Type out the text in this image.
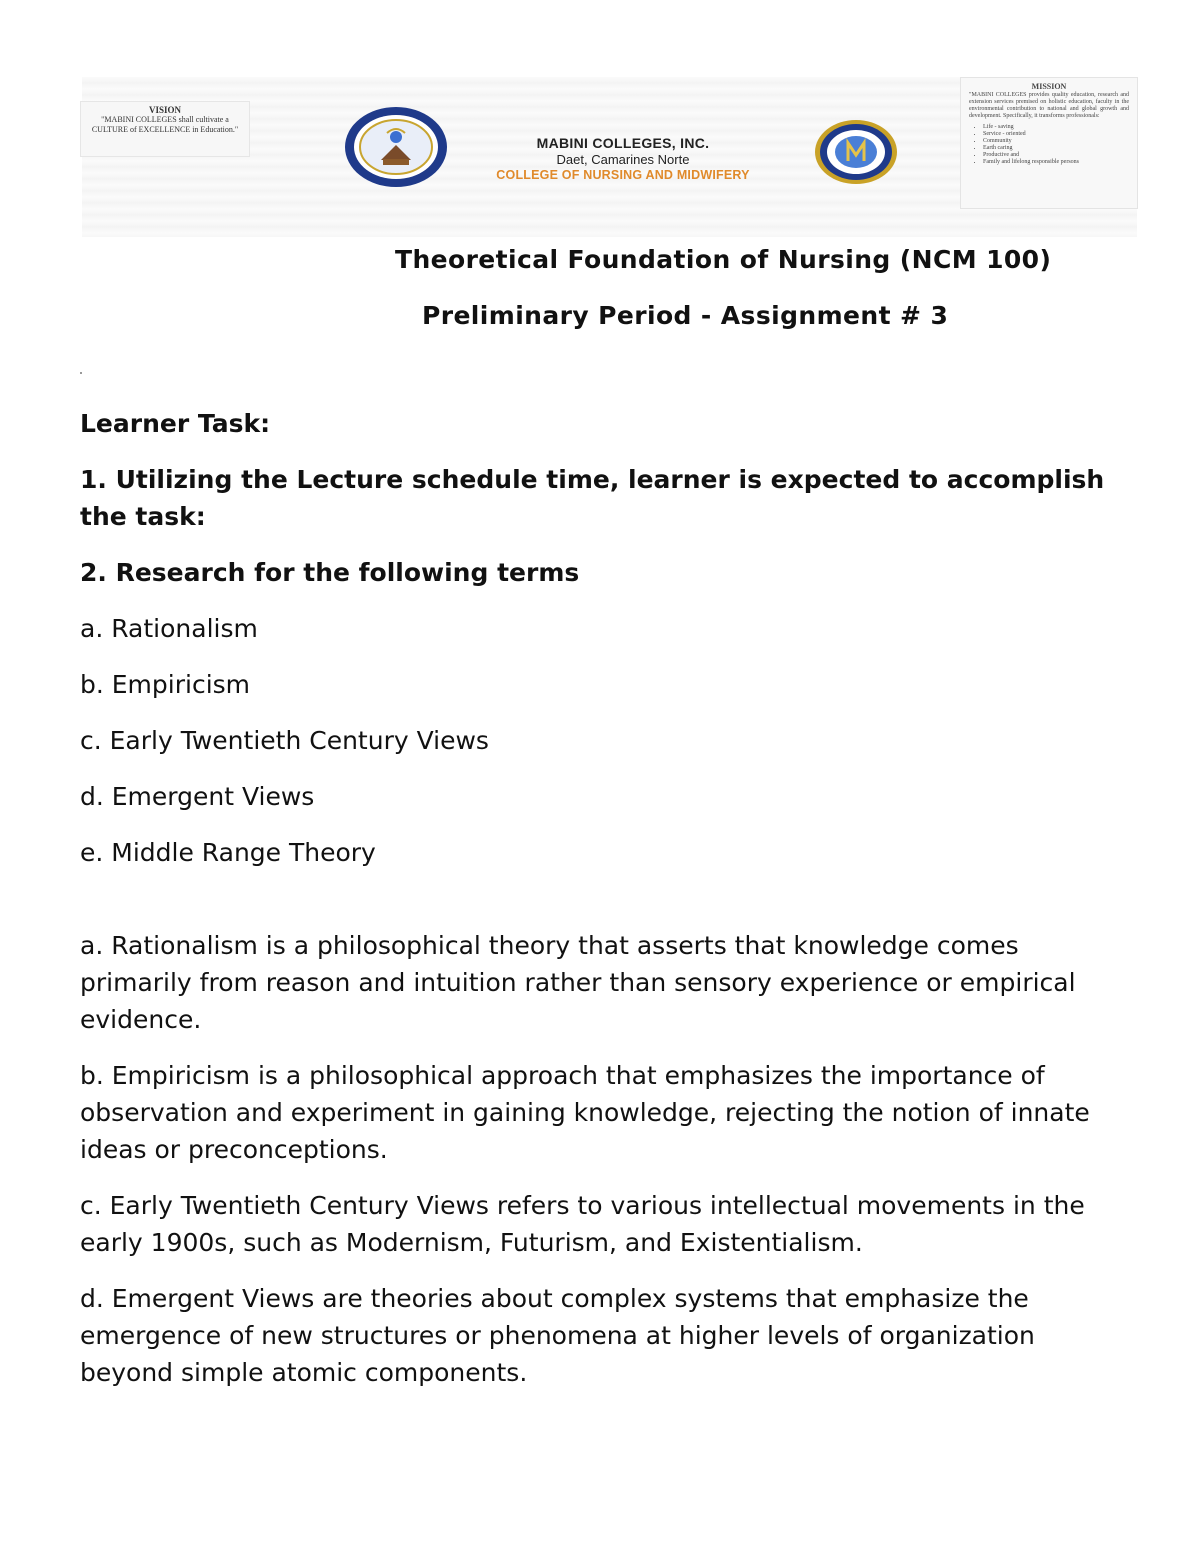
VISION
"MABINI COLLEGES shall cultivate a CULTURE of EXCELLENCE in Education."
MABINI COLLEGES, INC.
Daet, Camarines Norte
COLLEGE OF NURSING AND MIDWIFERY
MISSION
"MABINI COLLEGES provides quality education, research and extension services premised on holistic education, faculty in the environmental contribution to national and global growth and development. Specifically, it transforms professionals:
• Life - saving
• Service - oriented
• Community
• Earth caring
• Productive and
• Family and lifelong responsible persons
Theoretical Foundation of Nursing (NCM 100)
Preliminary Period - Assignment # 3

Learner Task:

1. Utilizing the Lecture schedule time, learner is expected to accomplish the task:

2. Research for the following terms

a. Rationalism

b. Empiricism

c. Early Twentieth Century Views

d. Emergent Views

e. Middle Range Theory

a. Rationalism is a philosophical theory that asserts that knowledge comes primarily from reason and intuition rather than sensory experience or empirical evidence.

b. Empiricism is a philosophical approach that emphasizes the importance of observation and experiment in gaining knowledge, rejecting the notion of innate ideas or preconceptions.

c. Early Twentieth Century Views refers to various intellectual movements in the early 1900s, such as Modernism, Futurism, and Existentialism.

d. Emergent Views are theories about complex systems that emphasize the emergence of new structures or phenomena at higher levels of organization beyond simple atomic components.
